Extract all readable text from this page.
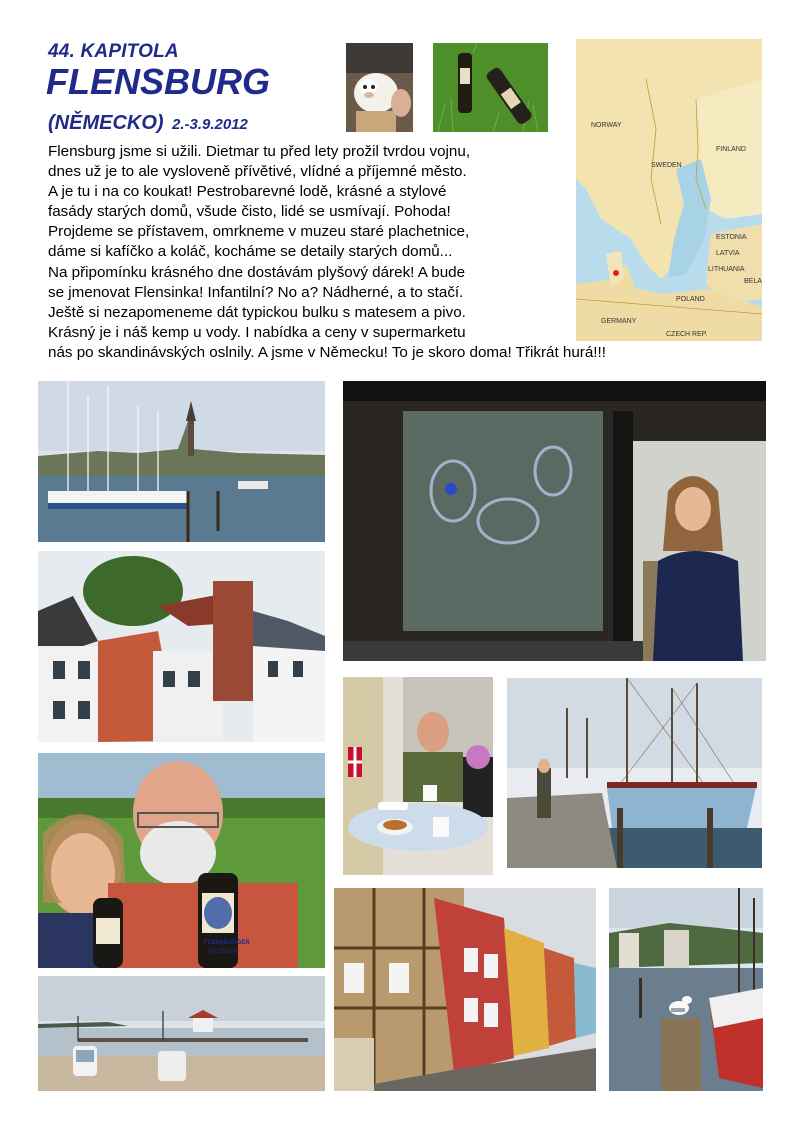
44. KAPITOLA
FLENSBURG
(NĚMECKO) 2.-3.9.2012
Flensburg jsme si užili. Dietmar tu před lety prožil tvrdou vojnu,
dnes už je to ale vysloveně přívětivé, vlídné a příjemné město.
A je tu i na co koukat! Pestrobarevné lodě, krásné a stylové
fasády starých domů, všude čisto, lidé se usmívají. Pohoda!
Projdeme se přístavem, omrkneme v muzeu staré plachetnice,
dáme si kafíčko a koláč, kocháme se detaily starých domů...
Na připomínku krásného dne dostávám plyšový dárek! A bude
se jmenovat Flensinka! Infantilní? No a? Nádherné, a to stačí.
Ještě si nezapomeneme dát typickou bulku s matesem a pivo.
Krásný je i náš kemp u vody. I nabídka a ceny v supermarketu
nás po skandinávských oslnily. A jsme v Německu! To je skoro doma! Třikrát hurá!!!
NORWAY
SWEDEN
FINLAND
ESTONIA
LATVIA
LITHUANIA
BELA
POLAND
GERMANY
CZECH REP.
FLENSBURGER
PILSENER
